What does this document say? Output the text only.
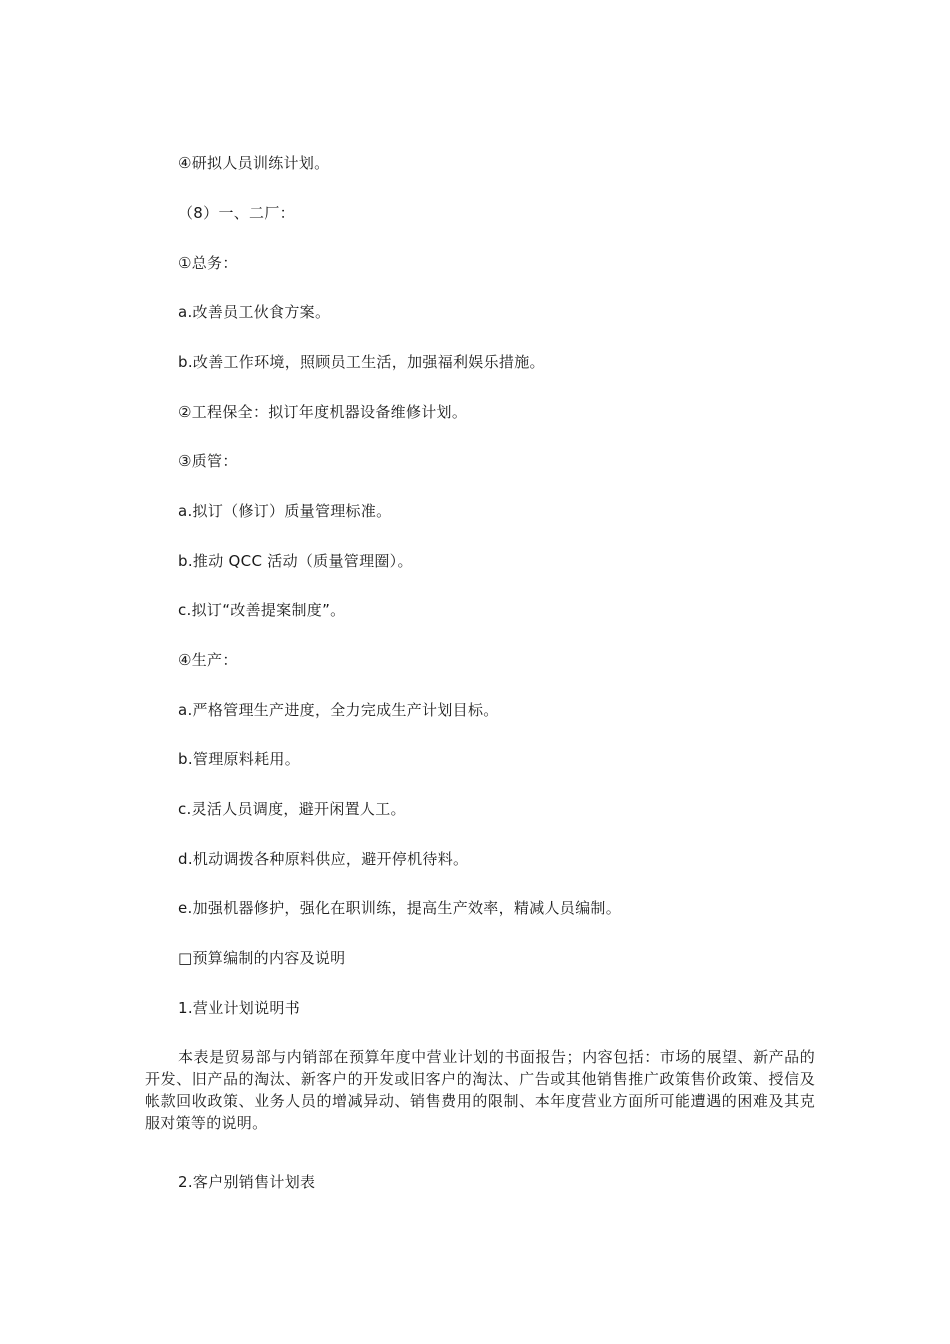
④研拟人员训练计划。
（8）一、二厂：
①总务：
a.改善员工伙食方案。
b.改善工作环境，照顾员工生活，加强福利娱乐措施。
②工程保全：拟订年度机器设备维修计划。
③质管：
a.拟订（修订）质量管理标准。
b.推动 QCC 活动（质量管理圈）。
c.拟订“改善提案制度”。
④生产：
a.严格管理生产进度，全力完成生产计划目标。
b.管理原料耗用。
c.灵活人员调度，避开闲置人工。
d.机动调拨各种原料供应，避开停机待料。
e.加强机器修护，强化在职训练，提高生产效率，精减人员编制。
□预算编制的内容及说明
1.营业计划说明书
本表是贸易部与内销部在预算年度中营业计划的书面报告；内容包括：市场的展望、新产品的开发、旧产品的淘汰、新客户的开发或旧客户的淘汰、广告或其他销售推广政策售价政策、授信及帐款回收政策、业务人员的增减异动、销售费用的限制、本年度营业方面所可能遭遇的困难及其克服对策等的说明。
2.客户别销售计划表
